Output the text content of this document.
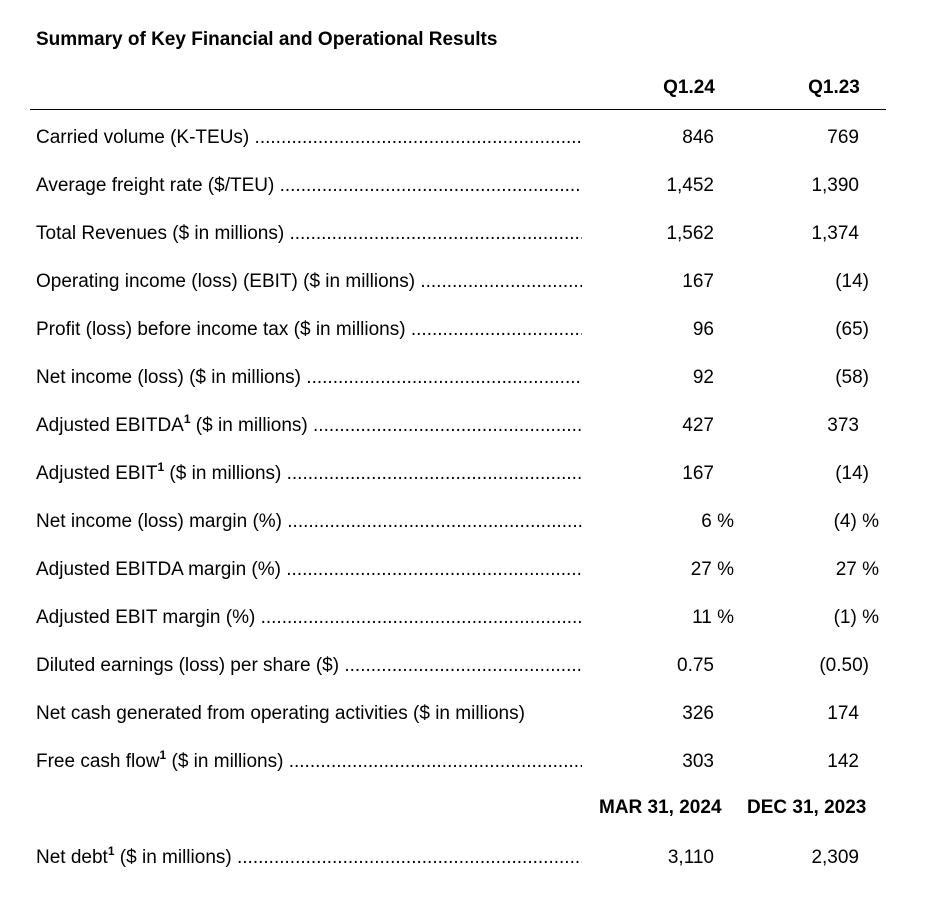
Summary of Key Financial and Operational Results
Q1.24	Q1.23
Carried volume (K-TEUs) .....	846	769
Average freight rate ($/TEU) .....	1,452	1,390
Total Revenues ($ in millions) .....	1,562	1,374
Operating income (loss) (EBIT) ($ in millions) .....	167	(14)
Profit (loss) before income tax ($ in millions) .....	96	(65)
Net income (loss) ($ in millions) .....	92	(58)
Adjusted EBITDA$^1$ ($ in millions) .....	427	373
Adjusted EBIT$^1$ ($ in millions) .....	167	(14)
Net income (loss) margin (%) .....	6 %	(4) %
Adjusted EBITDA margin (%) .....	27 %	27 %
Adjusted EBIT margin (%) .....	11 %	(1) %
Diluted earnings (loss) per share ($) .....	0.75	(0.50)
Net cash generated from operating activities ($ in millions)	326	174
Free cash flow$^1$ ($ in millions) .....	303	142
MAR 31, 2024 DEC 31, 2023
Net debt$^1$ ($ in millions) .....	3,110	2,309
